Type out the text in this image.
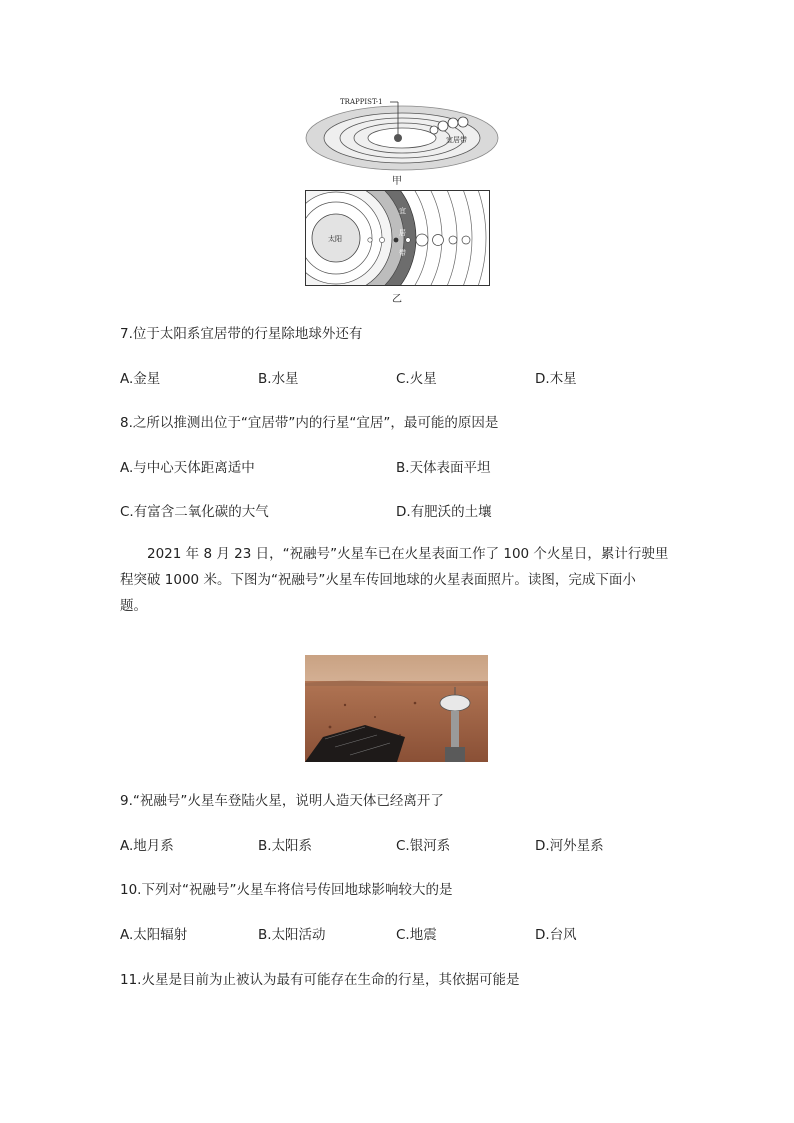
TRAPPIST-1
宜居带
甲
太阳
宜
居
带
乙
7.位于太阳系宜居带的行星除地球外还有
A.金星	B.水星	C.火星	D.木星
8.之所以推测出位于“宜居带”内的行星“宜居”，最可能的原因是
A.与中心天体距离适中	B.天体表面平坦
C.有富含二氧化碳的大气	D.有肥沃的土壤
2021 年 8 月 23 日，“祝融号”火星车已在火星表面工作了 100 个火星日，累计行驶里
程突破 1000 米。下图为“祝融号”火星车传回地球的火星表面照片。读图，完成下面小
题。
9.“祝融号”火星车登陆火星，说明人造天体已经离开了
A.地月系	B.太阳系	C.银河系	D.河外星系
10.下列对“祝融号”火星车将信号传回地球影响较大的是
A.太阳辐射	B.太阳活动	C.地震	D.台风
11.火星是目前为止被认为最有可能存在生命的行星，其依据可能是
